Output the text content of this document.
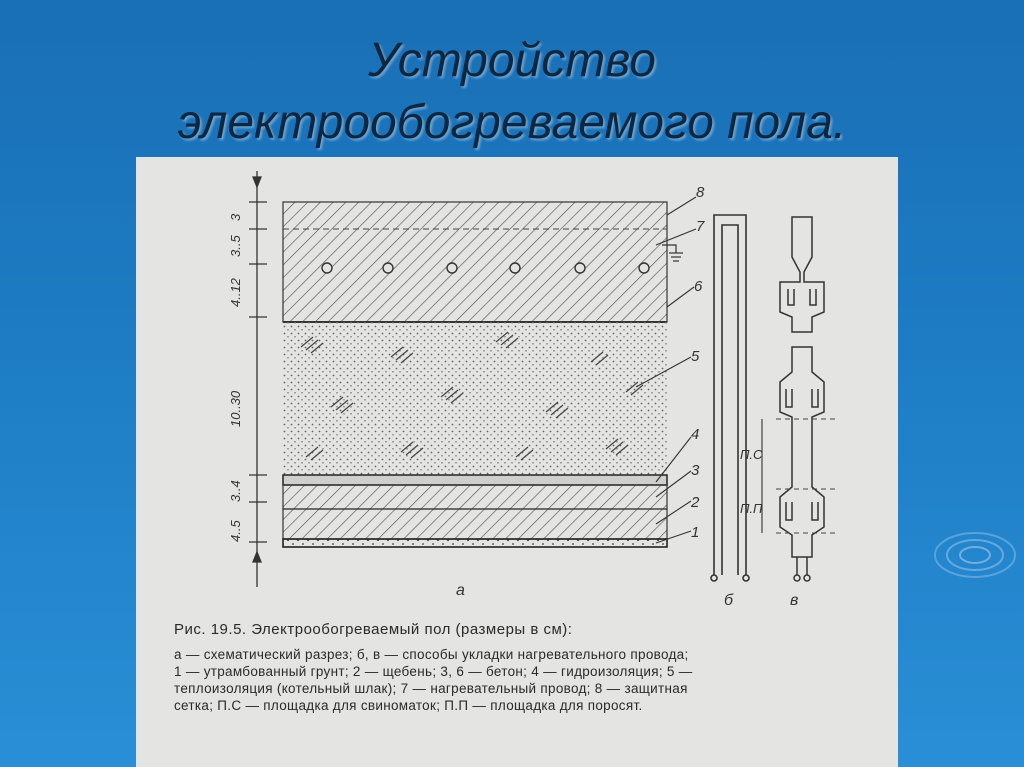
Устройство
электрообогреваемого пола.
3
3..5
4..12
10..30
3..4
4..5
8
7
6
5
4
3
2
1
б
П.С
П.П
в
а
Рис. 19.5. Электрообогреваемый пол (размеры в см):
а — схематический разрез; б, в — способы укладки нагревательного провода;
1 — утрамбованный грунт; 2 — щебень; 3, 6 — бетон; 4 — гидроизоляция; 5 —
теплоизоляция (котельный шлак); 7 — нагревательный провод; 8 — защитная
сетка; П.С — площадка для свиноматок; П.П — площадка для поросят.
